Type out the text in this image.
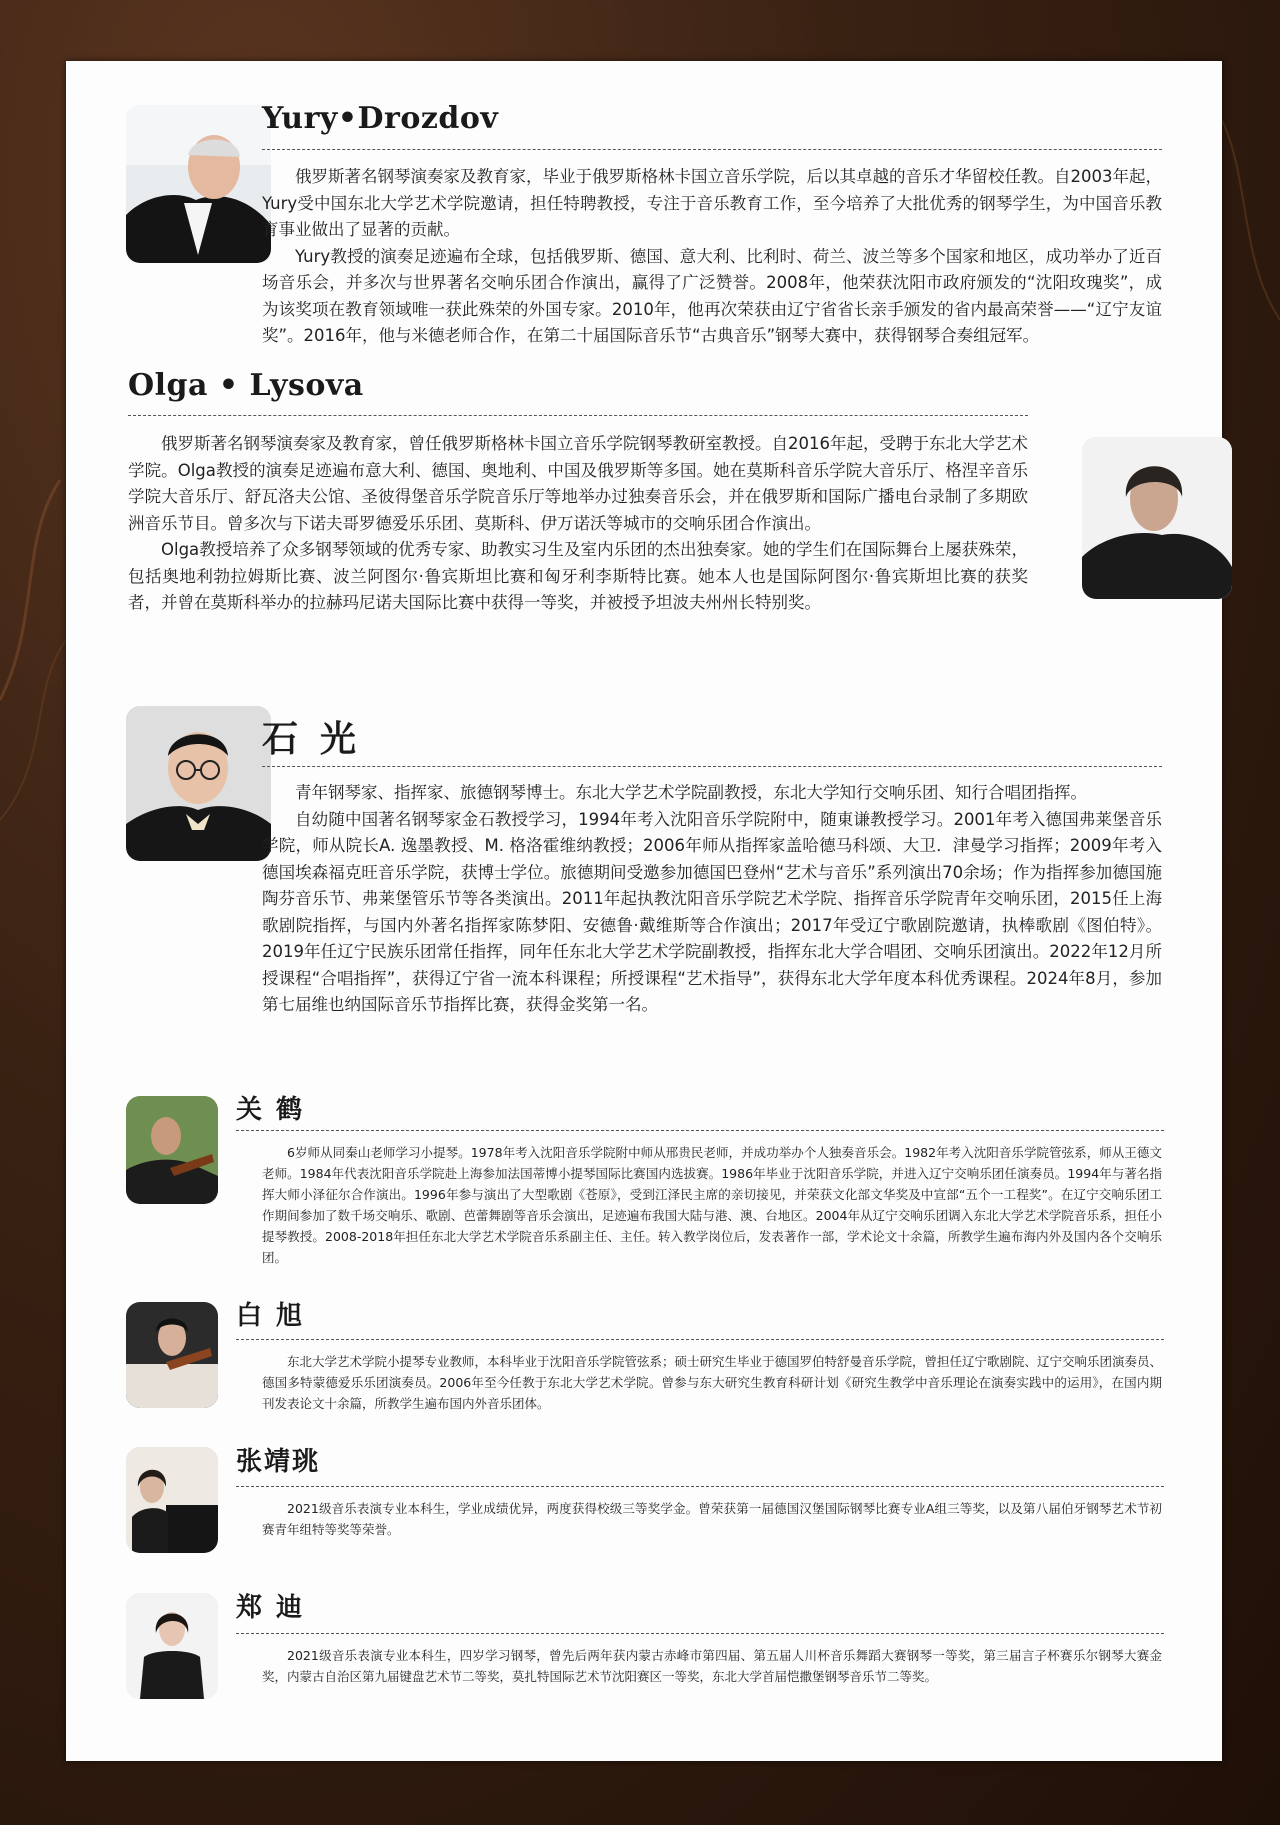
Yury•Drozdov
俄罗斯著名钢琴演奏家及教育家，毕业于俄罗斯格林卡国立音乐学院，后以其卓越的音乐才华留校任教。自2003年起，Yury受中国东北大学艺术学院邀请，担任特聘教授，专注于音乐教育工作，至今培养了大批优秀的钢琴学生，为中国音乐教育事业做出了显著的贡献。
Yury教授的演奏足迹遍布全球，包括俄罗斯、德国、意大利、比利时、荷兰、波兰等多个国家和地区，成功举办了近百场音乐会，并多次与世界著名交响乐团合作演出，赢得了广泛赞誉。2008年，他荣获沈阳市政府颁发的“沈阳玫瑰奖”，成为该奖项在教育领域唯一获此殊荣的外国专家。2010年，他再次荣获由辽宁省省长亲手颁发的省内最高荣誉——“辽宁友谊奖”。2016年，他与米德老师合作，在第二十届国际音乐节“古典音乐”钢琴大赛中，获得钢琴合奏组冠军。
Olga • Lysova
俄罗斯著名钢琴演奏家及教育家，曾任俄罗斯格林卡国立音乐学院钢琴教研室教授。自2016年起，受聘于东北大学艺术学院。Olga教授的演奏足迹遍布意大利、德国、奥地利、中国及俄罗斯等多国。她在莫斯科音乐学院大音乐厅、格涅辛音乐学院大音乐厅、舒瓦洛夫公馆、圣彼得堡音乐学院音乐厅等地举办过独奏音乐会，并在俄罗斯和国际广播电台录制了多期欧洲音乐节目。曾多次与下诺夫哥罗德爱乐乐团、莫斯科、伊万诺沃等城市的交响乐团合作演出。
Olga教授培养了众多钢琴领域的优秀专家、助教实习生及室内乐团的杰出独奏家。她的学生们在国际舞台上屡获殊荣，包括奥地利勃拉姆斯比赛、波兰阿图尔·鲁宾斯坦比赛和匈牙利李斯特比赛。她本人也是国际阿图尔·鲁宾斯坦比赛的获奖者，并曾在莫斯科举办的拉赫玛尼诺夫国际比赛中获得一等奖，并被授予坦波夫州州长特别奖。
石光
青年钢琴家、指挥家、旅德钢琴博士。东北大学艺术学院副教授，东北大学知行交响乐团、知行合唱团指挥。
自幼随中国著名钢琴家金石教授学习，1994年考入沈阳音乐学院附中，随東谦教授学习。2001年考入德国弗莱堡音乐学院，师从院长A. 逸墨教授、M. 格洛霍维纳教授；2006年师从指挥家盖哈德马科颂、大卫．津曼学习指挥；2009年考入德国埃森福克旺音乐学院，获博士学位。旅德期间受邀参加德国巴登州“艺术与音乐”系列演出70余场；作为指挥参加德国施陶芬音乐节、弗莱堡管乐节等各类演出。2011年起执教沈阳音乐学院艺术学院、指挥音乐学院青年交响乐团，2015任上海歌剧院指挥，与国内外著名指挥家陈梦阳、安德鲁·戴维斯等合作演出；2017年受辽宁歌剧院邀请，执棒歌剧《图伯特》。2019年任辽宁民族乐团常任指挥，同年任东北大学艺术学院副教授，指挥东北大学合唱团、交响乐团演出。2022年12月所授课程“合唱指挥”，获得辽宁省一流本科课程；所授课程“艺术指导”，获得东北大学年度本科优秀课程。2024年8月，参加第七届维也纳国际音乐节指挥比赛，获得金奖第一名。
关鹤
6岁师从同秦山老师学习小提琴。1978年考入沈阳音乐学院附中师从邢贵民老师，并成功举办个人独奏音乐会。1982年考入沈阳音乐学院管弦系，师从王德文老师。1984年代表沈阳音乐学院赴上海参加法国蒂博小提琴国际比赛国内选拔赛。1986年毕业于沈阳音乐学院，并进入辽宁交响乐团任演奏员。1994年与著名指挥大师小泽征尔合作演出。1996年参与演出了大型歌剧《苍原》，受到江泽民主席的亲切接见，并荣获文化部文华奖及中宣部“五个一工程奖”。在辽宁交响乐团工作期间参加了数千场交响乐、歌剧、芭蕾舞剧等音乐会演出，足迹遍布我国大陆与港、澳、台地区。2004年从辽宁交响乐团调入东北大学艺术学院音乐系，担任小提琴教授。2008-2018年担任东北大学艺术学院音乐系副主任、主任。转入教学岗位后，发表著作一部，学术论文十余篇，所教学生遍布海内外及国内各个交响乐团。
白旭
东北大学艺术学院小提琴专业教师，本科毕业于沈阳音乐学院管弦系；硕士研究生毕业于德国罗伯特舒曼音乐学院，曾担任辽宁歌剧院、辽宁交响乐团演奏员、德国多特蒙德爱乐乐团演奏员。2006年至今任教于东北大学艺术学院。曾参与东大研究生教育科研计划《研究生教学中音乐理论在演奏实践中的运用》，在国内期刊发表论文十余篇，所教学生遍布国内外音乐团体。
张靖珧
2021级音乐表演专业本科生，学业成绩优异，两度获得校级三等奖学金。曾荣获第一届德国汉堡国际钢琴比赛专业A组三等奖，以及第八届伯牙钢琴艺术节初赛青年组特等奖等荣誉。
郑迪
2021级音乐表演专业本科生，四岁学习钢琴，曾先后两年获内蒙古赤峰市第四届、第五届人川杯音乐舞蹈大赛钢琴一等奖，第三届言子杯赛乐尔钢琴大赛金奖，内蒙古自治区第九届键盘艺术节二等奖，莫扎特国际艺术节沈阳赛区一等奖，东北大学首届恺撒堡钢琴音乐节二等奖。
